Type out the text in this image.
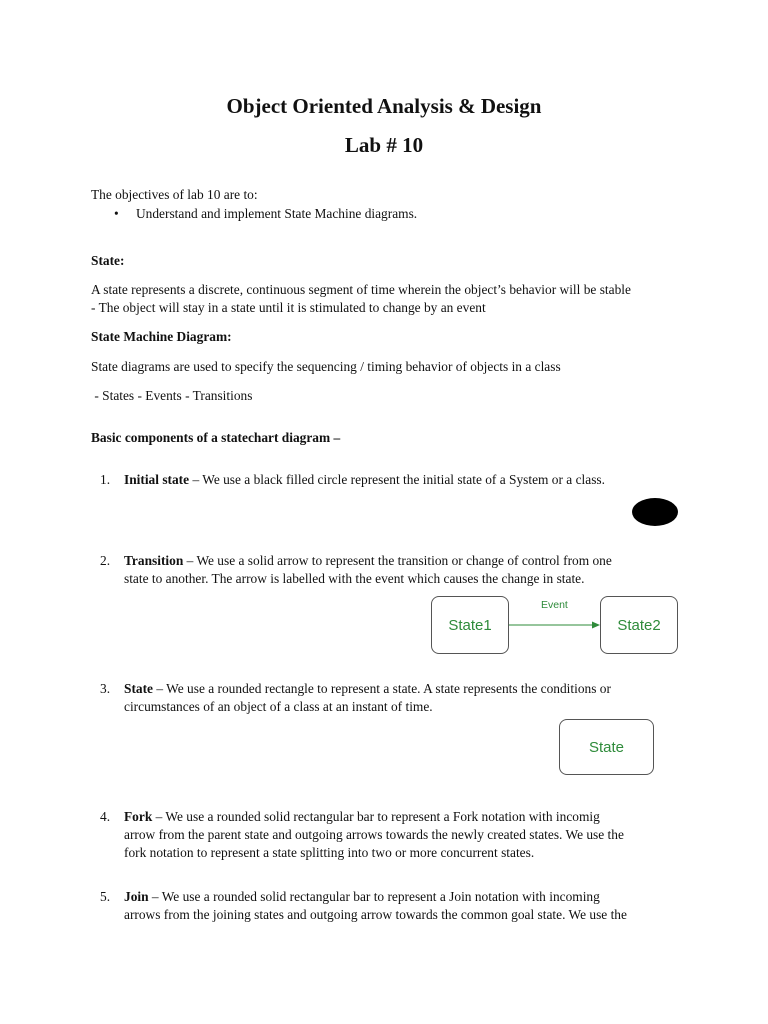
Object Oriented Analysis & Design
Lab # 10
The objectives of lab 10 are to:
• Understand and implement State Machine diagrams.
State:
A state represents a discrete, continuous segment of time wherein the object’s behavior will be stable
- The object will stay in a state until it is stimulated to change by an event
State Machine Diagram:
State diagrams are used to specify the sequencing / timing behavior of objects in a class
- States - Events - Transitions
Basic components of a statechart diagram –
1. Initial state – We use a black filled circle represent the initial state of a System or a class.
2. Transition – We use a solid arrow to represent the transition or change of control from one
state to another. The arrow is labelled with the event which causes the change in state.
State1
Event
State2
3. State – We use a rounded rectangle to represent a state. A state represents the conditions or
circumstances of an object of a class at an instant of time.
State
4. Fork – We use a rounded solid rectangular bar to represent a Fork notation with incomig
arrow from the parent state and outgoing arrows towards the newly created states. We use the
fork notation to represent a state splitting into two or more concurrent states.
5. Join – We use a rounded solid rectangular bar to represent a Join notation with incoming
arrows from the joining states and outgoing arrow towards the common goal state. We use the
